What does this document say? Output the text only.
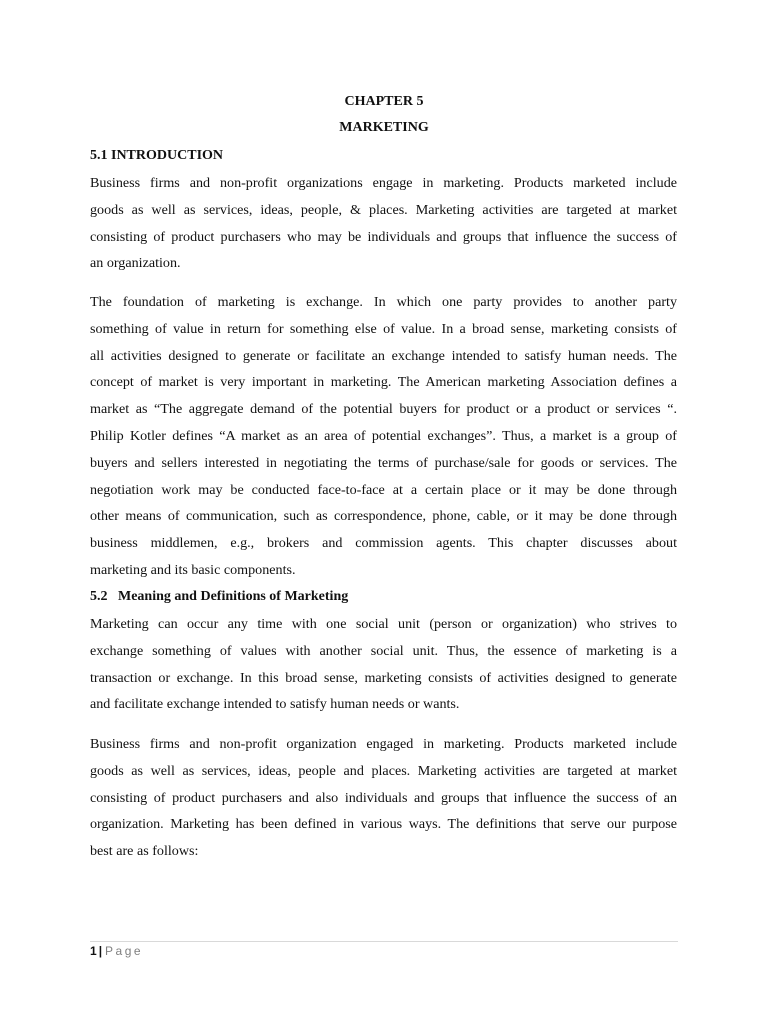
CHAPTER 5
MARKETING
5.1 INTRODUCTION
Business firms and non-profit organizations engage in marketing. Products marketed include
goods as well as services, ideas, people, & places. Marketing activities are targeted at market
consisting of product purchasers who may be individuals and groups that influence the success of
an organization.
The foundation of marketing is exchange. In which one party provides to another party
something of value in return for something else of value. In a broad sense, marketing consists of
all activities designed to generate or facilitate an exchange intended to satisfy human needs. The
concept of market is very important in marketing. The American marketing Association defines a
market as “The aggregate demand of the potential buyers for product or a product or services “.
Philip Kotler defines “A market as an area of potential exchanges”. Thus, a market is a group of
buyers and sellers interested in negotiating the terms of purchase/sale for goods or services. The
negotiation work may be conducted face-to-face at a certain place or it may be done through
other means of communication, such as correspondence, phone, cable, or it may be done through
business middlemen, e.g., brokers and commission agents. This chapter discusses about
marketing and its basic components.
5.2   Meaning and Definitions of Marketing
Marketing can occur any time with one social unit (person or organization) who strives to
exchange something of values with another social unit. Thus, the essence of marketing is a
transaction or exchange. In this broad sense, marketing consists of activities designed to generate
and facilitate exchange intended to satisfy human needs or wants.
Business firms and non-profit organization engaged in marketing. Products marketed include
goods as well as services, ideas, people and places. Marketing activities are targeted at market
consisting of product purchasers and also individuals and groups that influence the success of an
organization. Marketing has been defined in various ways. The definitions that serve our purpose
best are as follows:
1 | Page
